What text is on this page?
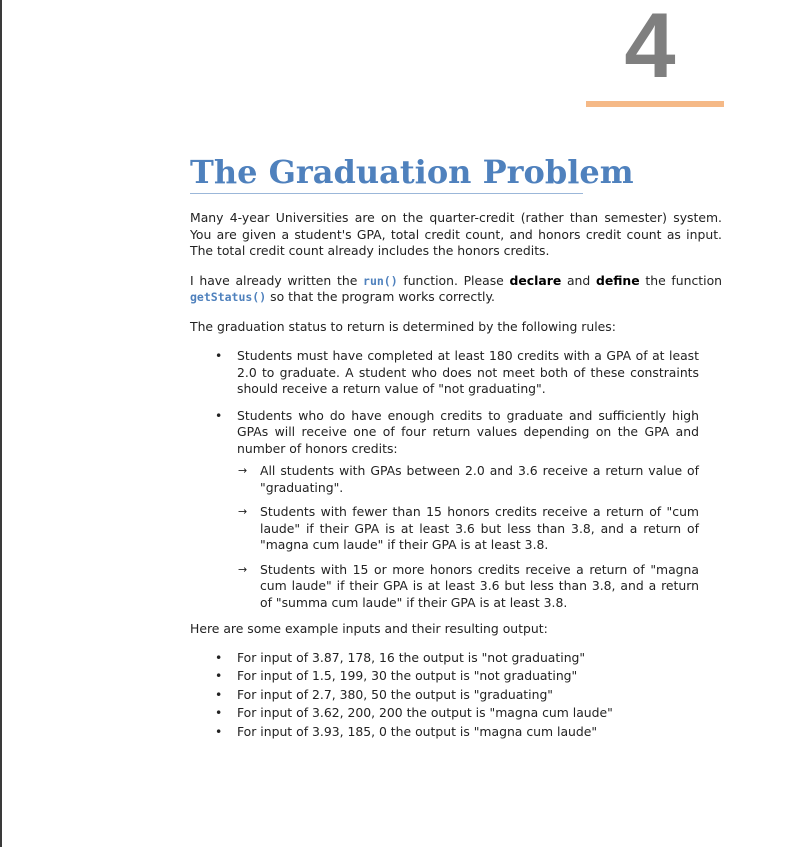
4
The Graduation Problem

Many 4-year Universities are on the quarter-credit (rather than semester) system. You are given a student's GPA, total credit count, and honors credit count as input. The total credit count already includes the honors credits.

I have already written the run() function. Please declare and define the function getStatus() so that the program works correctly.

The graduation status to return is determined by the following rules:

• Students must have completed at least 180 credits with a GPA of at least 2.0 to graduate. A student who does not meet both of these constraints should receive a return value of "not graduating".
• Students who do have enough credits to graduate and sufficiently high GPAs will receive one of four return values depending on the GPA and number of honors credits:
→ All students with GPAs between 2.0 and 3.6 receive a return value of "graduating".
→ Students with fewer than 15 honors credits receive a return of "cum laude" if their GPA is at least 3.6 but less than 3.8, and a return of "magna cum laude" if their GPA is at least 3.8.
→ Students with 15 or more honors credits receive a return of "magna cum laude" if their GPA is at least 3.6 but less than 3.8, and a return of "summa cum laude" if their GPA is at least 3.8.

Here are some example inputs and their resulting output:

• For input of 3.87, 178, 16 the output is "not graduating"
• For input of 1.5, 199, 30 the output is "not graduating"
• For input of 2.7, 380, 50 the output is "graduating"
• For input of 3.62, 200, 200 the output is "magna cum laude"
• For input of 3.93, 185, 0 the output is "magna cum laude"
